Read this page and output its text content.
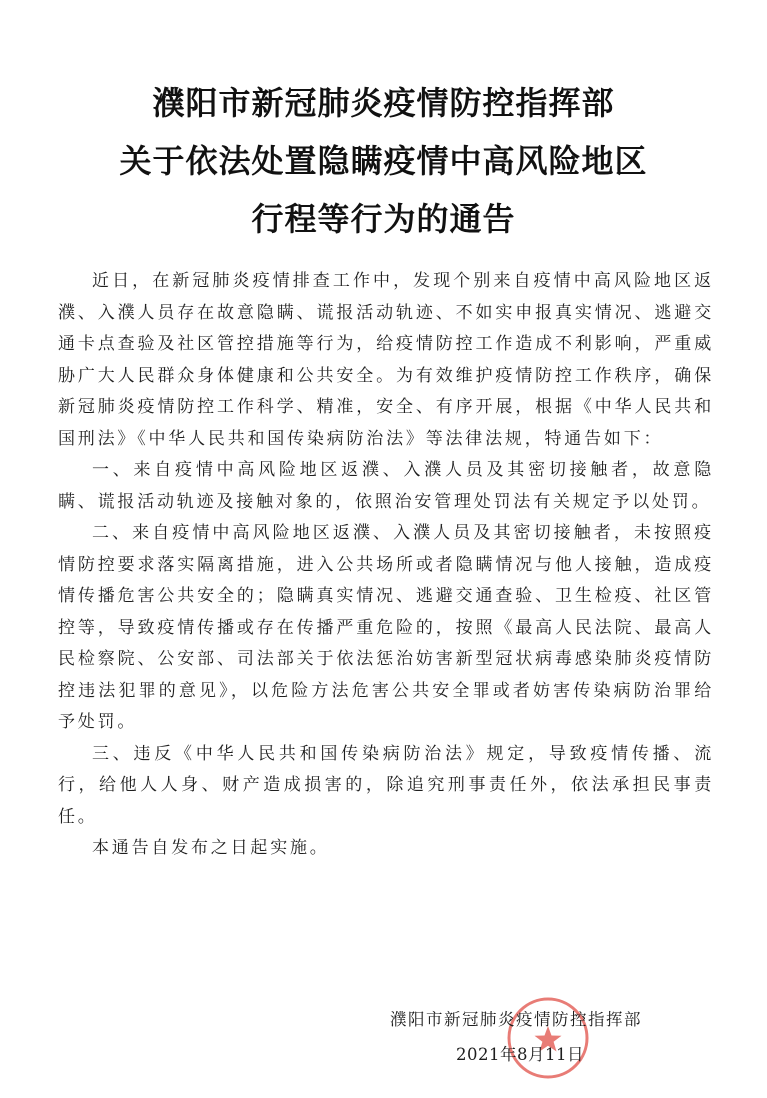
濮阳市新冠肺炎疫情防控指挥部
关于依法处置隐瞒疫情中高风险地区
行程等行为的通告

近日，在新冠肺炎疫情排查工作中，发现个别来自疫情中高风险地区返濮、入濮人员存在故意隐瞒、谎报活动轨迹、不如实申报真实情况、逃避交通卡点查验及社区管控措施等行为，给疫情防控工作造成不利影响，严重威胁广大人民群众身体健康和公共安全。为有效维护疫情防控工作秩序，确保新冠肺炎疫情防控工作科学、精准，安全、有序开展，根据《中华人民共和国刑法》《中华人民共和国传染病防治法》等法律法规，特通告如下：

一、来自疫情中高风险地区返濮、入濮人员及其密切接触者，故意隐瞒、谎报活动轨迹及接触对象的，依照治安管理处罚法有关规定予以处罚。

二、来自疫情中高风险地区返濮、入濮人员及其密切接触者，未按照疫情防控要求落实隔离措施，进入公共场所或者隐瞒情况与他人接触，造成疫情传播危害公共安全的；隐瞒真实情况、逃避交通查验、卫生检疫、社区管控等，导致疫情传播或存在传播严重危险的，按照《最高人民法院、最高人民检察院、公安部、司法部关于依法惩治妨害新型冠状病毒感染肺炎疫情防控违法犯罪的意见》，以危险方法危害公共安全罪或者妨害传染病防治罪给予处罚。

三、违反《中华人民共和国传染病防治法》规定，导致疫情传播、流行，给他人人身、财产造成损害的，除追究刑事责任外，依法承担民事责任。

本通告自发布之日起实施。

濮阳市新冠肺炎疫情防控指挥部
2021年8月11日
